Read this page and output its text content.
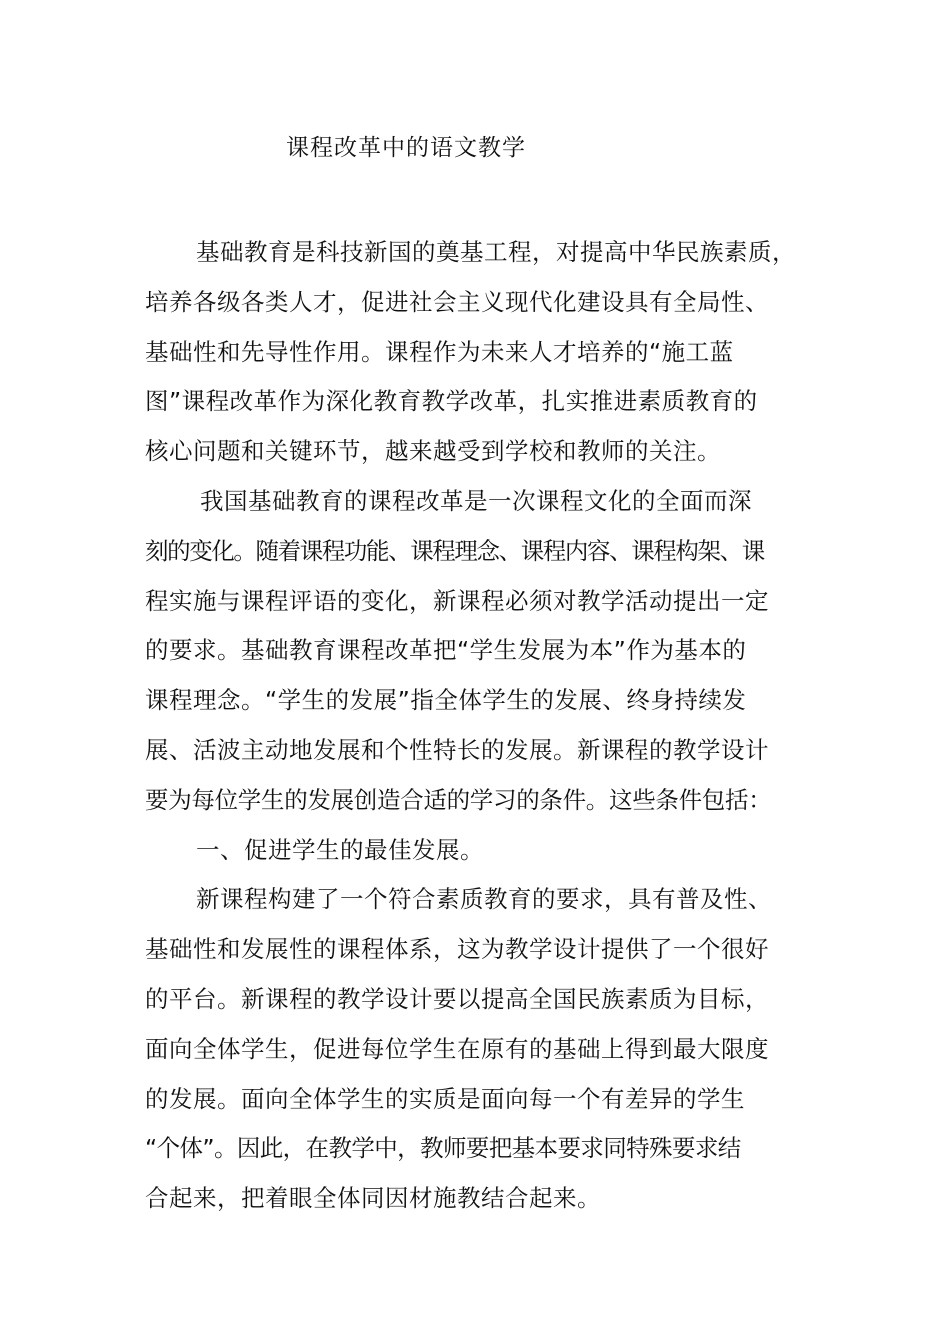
课程改革中的语文教学

基础教育是科技新国的奠基工程，对提高中华民族素质，
培养各级各类人才，促进社会主义现代化建设具有全局性、
基础性和先导性作用。课程作为未来人才培养的“施工蓝
图”课程改革作为深化教育教学改革，扎实推进素质教育的
核心问题和关键环节，越来越受到学校和教师的关注。

我国基础教育的课程改革是一次课程文化的全面而深
刻的变化。随着课程功能、课程理念、课程内容、课程构架、课
程实施与课程评语的变化，新课程必须对教学活动提出一定
的要求。基础教育课程改革把“学生发展为本”作为基本的
课程理念。“学生的发展”指全体学生的发展、终身持续发
展、活波主动地发展和个性特长的发展。新课程的教学设计
要为每位学生的发展创造合适的学习的条件。这些条件包括：

一、促进学生的最佳发展。

新课程构建了一个符合素质教育的要求，具有普及性、
基础性和发展性的课程体系，这为教学设计提供了一个很好
的平台。新课程的教学设计要以提高全国民族素质为目标，
面向全体学生，促进每位学生在原有的基础上得到最大限度
的发展。面向全体学生的实质是面向每一个有差异的学生
“个体”。因此，在教学中，教师要把基本要求同特殊要求结
合起来，把着眼全体同因材施教结合起来。
